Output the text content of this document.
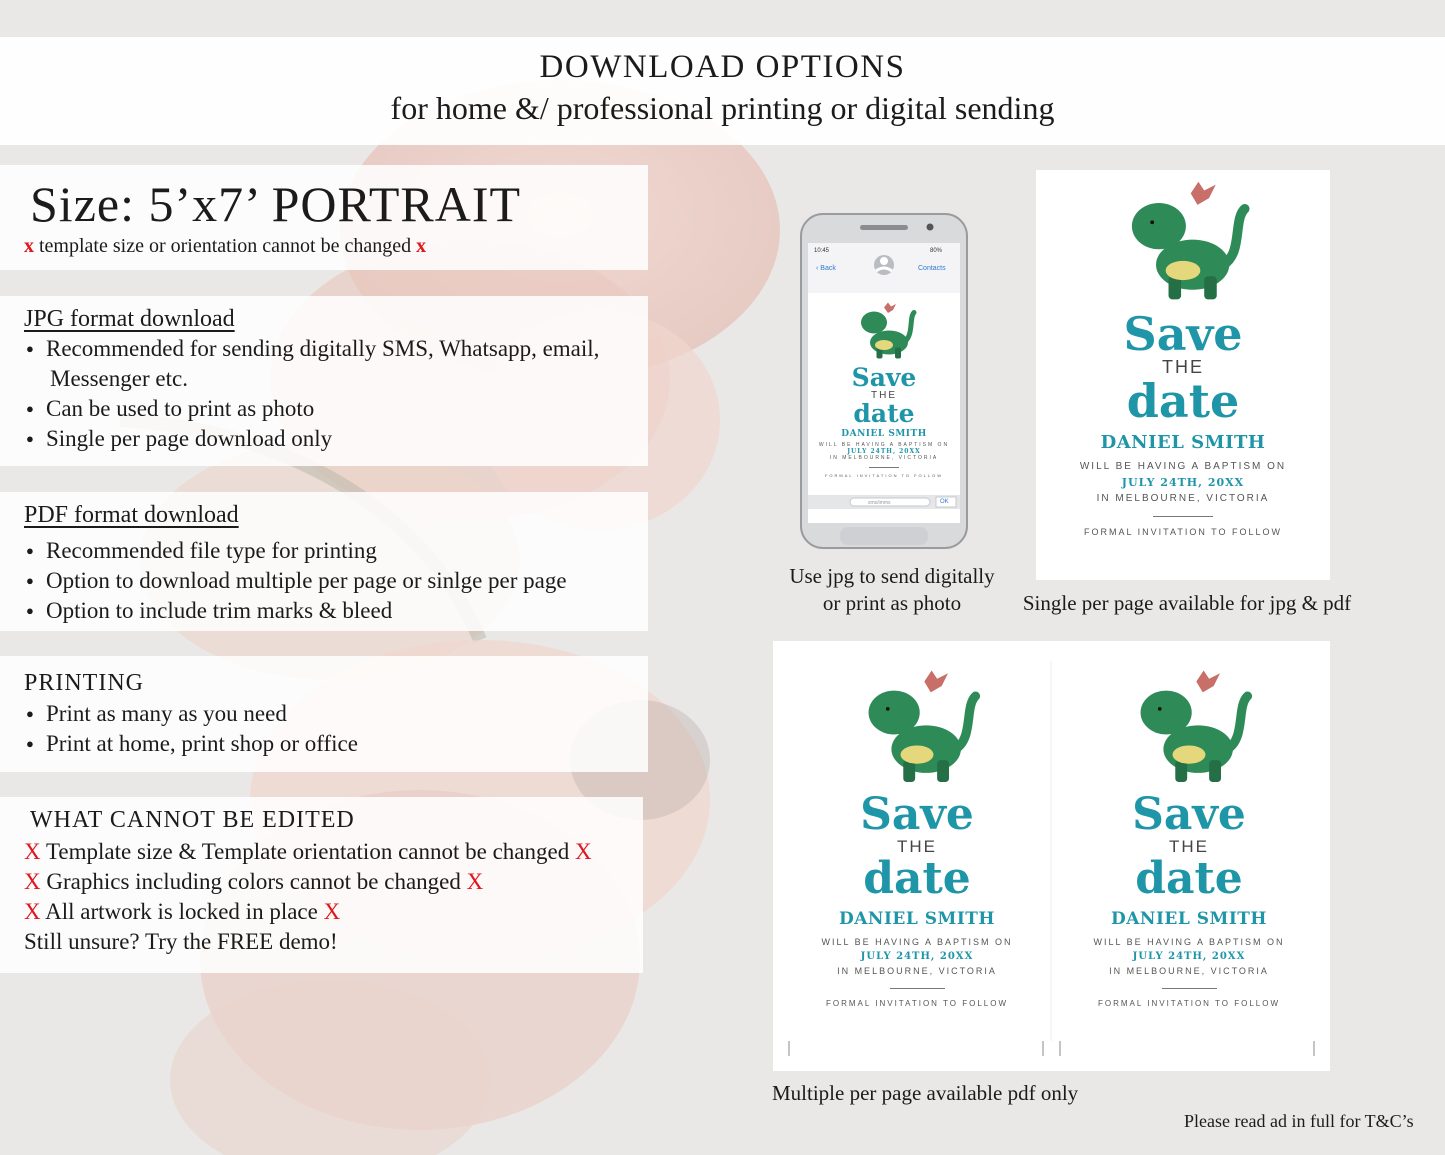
DOWNLOAD OPTIONS
for home &/ professional printing or digital sending
Size: 5’x7’ PORTRAIT
x template size or orientation cannot be changed x
JPG format download
● Recommended for sending digitally SMS, Whatsapp, email,
Messenger etc.
● Can be used to print as photo
● Single per page download only
PDF format download
● Recommended file type for printing
● Option to download multiple per page or sinlge per page
● Option to include trim marks & bleed
PRINTING
● Print as many as you need
● Print at home, print shop or office
WHAT CANNOT BE EDITED
X Template size & Template orientation cannot be changed X
X Graphics including colors cannot be changed X
X All artwork is locked in place X
Still unsure? Try the FREE demo!
10:45	80%
‹ Back	Contacts
sms/imms	OK
Save
THE
date
DANIEL SMITH
WILL BE HAVING A BAPTISM ON
JULY 24TH, 20XX
IN MELBOURNE, VICTORIA
FORMAL INVITATION TO FOLLOW
Use jpg to send digitally
or print as photo
Save
THE
date
DANIEL SMITH
WILL BE HAVING A BAPTISM ON
JULY 24TH, 20XX
IN MELBOURNE, VICTORIA
FORMAL INVITATION TO FOLLOW
Single per page available for jpg & pdf
Save
THE
date
DANIEL SMITH
WILL BE HAVING A BAPTISM ON
JULY 24TH, 20XX
IN MELBOURNE, VICTORIA
FORMAL INVITATION TO FOLLOW
Save
THE
date
DANIEL SMITH
WILL BE HAVING A BAPTISM ON
JULY 24TH, 20XX
IN MELBOURNE, VICTORIA
FORMAL INVITATION TO FOLLOW
Multiple per page available pdf only
Please read ad in full for T&C’s
